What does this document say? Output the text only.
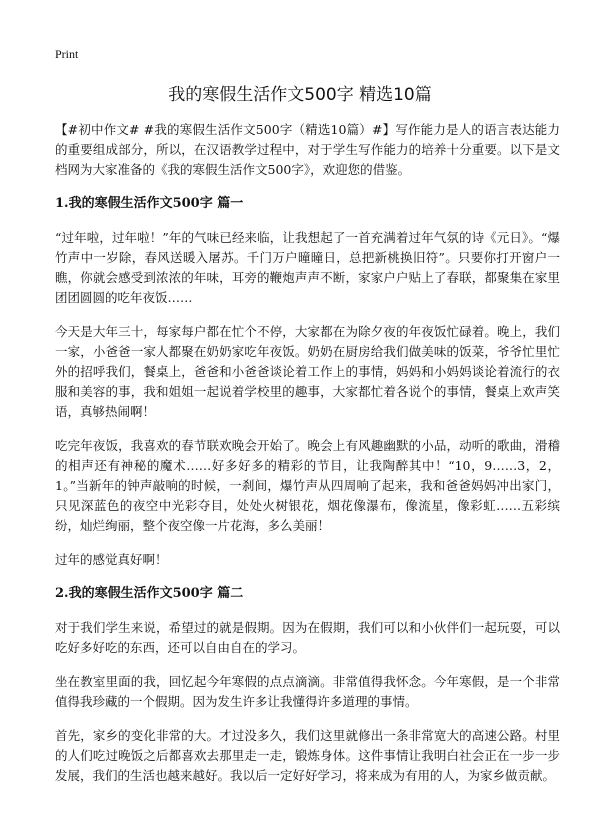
Print
我的寒假生活作文500字 精选10篇

【#初中作文# #我的寒假生活作文500字（精选10篇）#】写作能力是人的语言表达能力的重要组成部分，所以，在汉语教学过程中，对于学生写作能力的培养十分重要。以下是文档网为大家准备的《我的寒假生活作文500字》，欢迎您的借鉴。

1.我的寒假生活作文500字 篇一

“过年啦，过年啦！”年的气味已经来临，让我想起了一首充满着过年气氛的诗《元日》。“爆竹声中一岁除，春风送暖入屠苏。千门万户曈曈日，总把新桃换旧符”。只要你打开窗户一瞧，你就会感受到浓浓的年味，耳旁的鞭炮声声不断，家家户户贴上了春联，都聚集在家里团团圆圆的吃年夜饭……

今天是大年三十，每家每户都在忙个不停，大家都在为除夕夜的年夜饭忙碌着。晚上，我们一家，小爸爸一家人都聚在奶奶家吃年夜饭。奶奶在厨房给我们做美味的饭菜，爷爷忙里忙外的招呼我们，餐桌上，爸爸和小爸爸谈论着工作上的事情，妈妈和小妈妈谈论着流行的衣服和美容的事，我和姐姐一起说着学校里的趣事，大家都忙着各说个的事情，餐桌上欢声笑语，真够热闹啊！

吃完年夜饭，我喜欢的春节联欢晚会开始了。晚会上有风趣幽默的小品，动听的歌曲，滑稽的相声还有神秘的魔术……好多好多的精彩的节目，让我陶醉其中！“10，9……3，2，1。”当新年的钟声敲响的时候，一刹间，爆竹声从四周响了起来，我和爸爸妈妈冲出家门，只见深蓝色的夜空中光彩夺目，处处火树银花，烟花像瀑布，像流星，像彩虹……五彩缤纷，灿烂绚丽，整个夜空像一片花海，多么美丽！

过年的感觉真好啊！

2.我的寒假生活作文500字 篇二

对于我们学生来说，希望过的就是假期。因为在假期，我们可以和小伙伴们一起玩耍，可以吃好多好吃的东西，还可以自由自在的学习。

坐在教室里面的我，回忆起今年寒假的点点滴滴。非常值得我怀念。今年寒假，是一个非常值得我珍藏的一个假期。因为发生许多让我懂得许多道理的事情。

首先，家乡的变化非常的大。才过没多久，我们这里就修出一条非常宽大的高速公路。村里的人们吃过晚饭之后都喜欢去那里走一走，锻炼身体。这件事情让我明白社会正在一步一步发展，我们的生活也越来越好。我以后一定好好学习，将来成为有用的人，为家乡做贡献。
